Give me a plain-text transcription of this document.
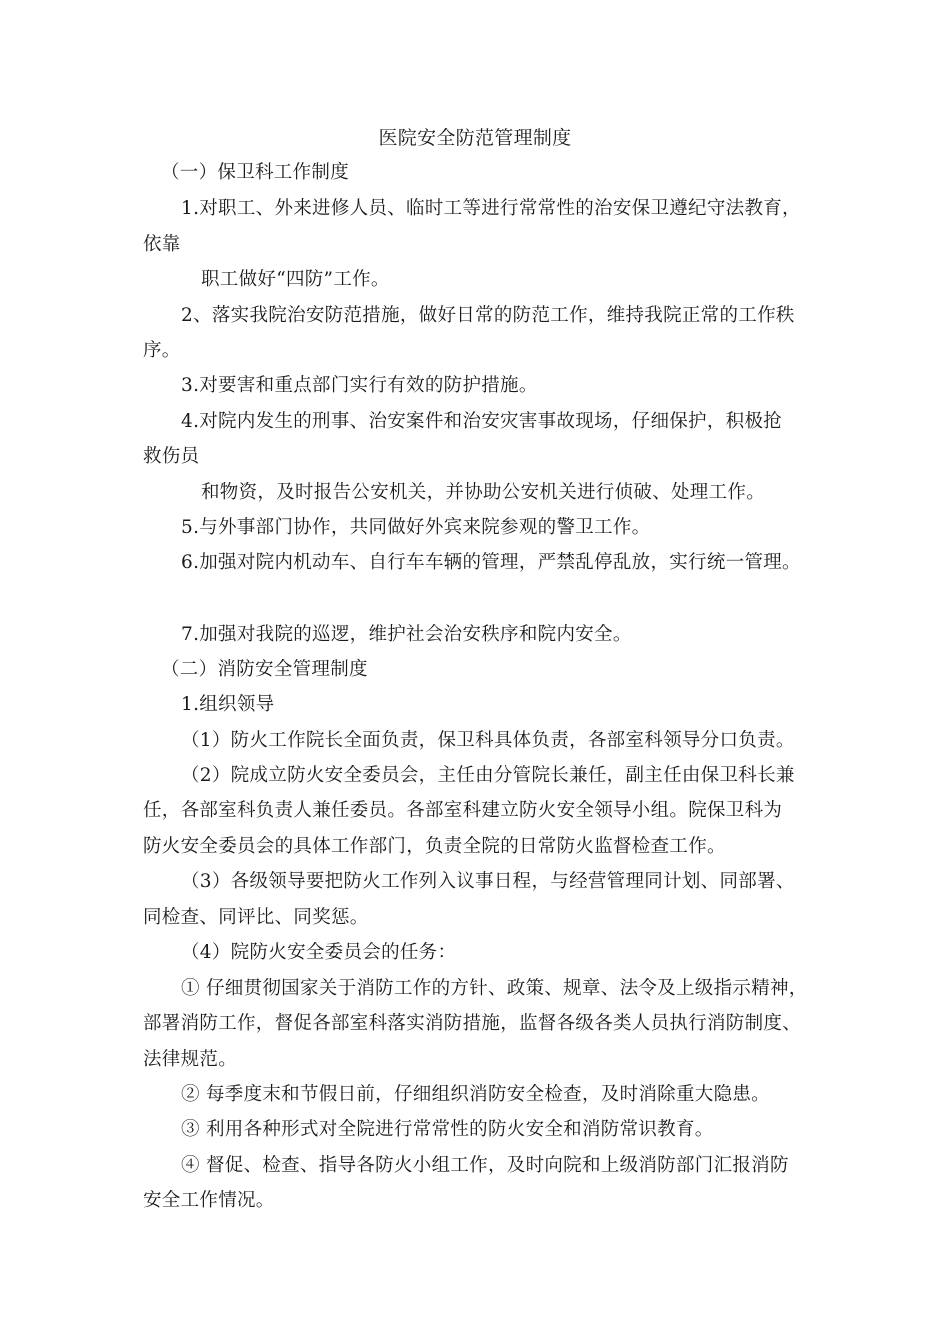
医院安全防范管理制度
（一）保卫科工作制度
1.对职工、外来进修人员、临时工等进行常常性的治安保卫遵纪守法教育，
依靠
职工做好“四防”工作。
2、落实我院治安防范措施，做好日常的防范工作，维持我院正常的工作秩
序。
3.对要害和重点部门实行有效的防护措施。
4.对院内发生的刑事、治安案件和治安灾害事故现场，仔细保护，积极抢
救伤员
和物资，及时报告公安机关，并协助公安机关进行侦破、处理工作。
5.与外事部门协作，共同做好外宾来院参观的警卫工作。
6.加强对院内机动车、自行车车辆的管理，严禁乱停乱放，实行统一管理。
7.加强对我院的巡逻，维护社会治安秩序和院内安全。
（二）消防安全管理制度
1.组织领导
（1）防火工作院长全面负责，保卫科具体负责，各部室科领导分口负责。
（2）院成立防火安全委员会，主任由分管院长兼任，副主任由保卫科长兼
任，各部室科负责人兼任委员。各部室科建立防火安全领导小组。院保卫科为
防火安全委员会的具体工作部门，负责全院的日常防火监督检查工作。
（3）各级领导要把防火工作列入议事日程，与经营管理同计划、同部署、
同检查、同评比、同奖惩。
（4）院防火安全委员会的任务：
① 仔细贯彻国家关于消防工作的方针、政策、规章、法令及上级指示精神，
部署消防工作，督促各部室科落实消防措施，监督各级各类人员执行消防制度、
法律规范。
② 每季度末和节假日前，仔细组织消防安全检查，及时消除重大隐患。
③ 利用各种形式对全院进行常常性的防火安全和消防常识教育。
④ 督促、检查、指导各防火小组工作，及时向院和上级消防部门汇报消防
安全工作情况。
